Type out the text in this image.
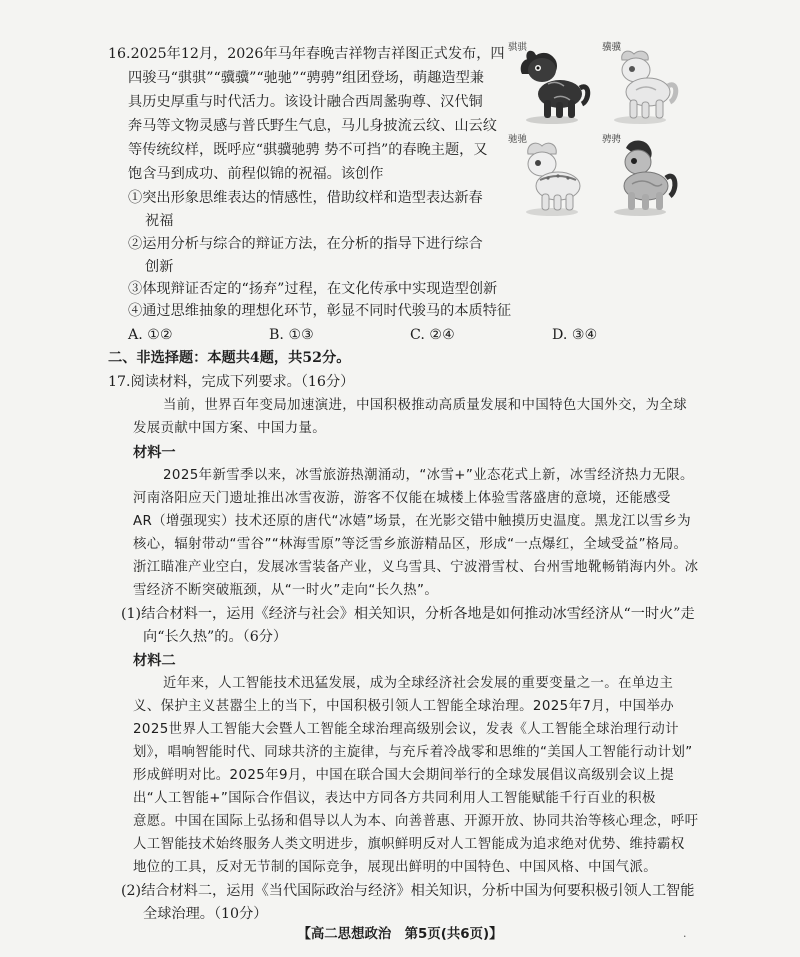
16.2025年12月，2026年马年春晚吉祥物吉祥图正式发布，四
四骏马“骐骐”“骥骥”“驰驰”“骋骋”组团登场，萌趣造型兼
具历史厚重与时代活力。该设计融合西周盠驹尊、汉代铜
奔马等文物灵感与普氏野生气息，马儿身披流云纹、山云纹
等传统纹样，既呼应“骐骥驰骋 势不可挡”的春晚主题，又
饱含马到成功、前程似锦的祝福。该创作
①突出形象思维表达的情感性，借助纹样和造型表达新春
祝福
②运用分析与综合的辩证方法，在分析的指导下进行综合
创新
③体现辩证否定的“扬弃”过程，在文化传承中实现造型创新
④通过思维抽象的理想化环节，彰显不同时代骏马的本质特征
A. ①②	B. ①③	C. ②④	D. ③④
骐骐	骥骥
驰驰	骋骋
二、非选择题：本题共4题，共52分。
17.阅读材料，完成下列要求。（16分）
当前，世界百年变局加速演进，中国积极推动高质量发展和中国特色大国外交，为全球
发展贡献中国方案、中国力量。
材料一
2025年新雪季以来，冰雪旅游热潮涌动，“冰雪+”业态花式上新，冰雪经济热力无限。
河南洛阳应天门遗址推出冰雪夜游，游客不仅能在城楼上体验雪落盛唐的意境，还能感受
AR（增强现实）技术还原的唐代“冰嬉”场景，在光影交错中触摸历史温度。黑龙江以雪乡为
核心，辐射带动“雪谷”“林海雪原”等泛雪乡旅游精品区，形成“一点爆红，全域受益”格局。
浙江瞄准产业空白，发展冰雪装备产业，义乌雪具、宁波滑雪杖、台州雪地靴畅销海内外。冰
雪经济不断突破瓶颈，从“一时火”走向“长久热”。
(1)结合材料一，运用《经济与社会》相关知识，分析各地是如何推动冰雪经济从“一时火”走
向“长久热”的。（6分）
材料二
近年来，人工智能技术迅猛发展，成为全球经济社会发展的重要变量之一。在单边主
义、保护主义甚嚣尘上的当下，中国积极引领人工智能全球治理。2025年7月，中国举办
2025世界人工智能大会暨人工智能全球治理高级别会议，发表《人工智能全球治理行动计
划》，唱响智能时代、同球共济的主旋律，与充斥着冷战零和思维的“美国人工智能行动计划”
形成鲜明对比。2025年9月，中国在联合国大会期间举行的全球发展倡议高级别会议上提
出“人工智能+”国际合作倡议，表达中方同各方共同利用人工智能赋能千行百业的积极
意愿。中国在国际上弘扬和倡导以人为本、向善普惠、开源开放、协同共治等核心理念，呼吁
人工智能技术始终服务人类文明进步，旗帜鲜明反对人工智能成为追求绝对优势、维持霸权
地位的工具，反对无节制的国际竞争，展现出鲜明的中国特色、中国风格、中国气派。
(2)结合材料二，运用《当代国际政治与经济》相关知识，分析中国为何要积极引领人工智能
全球治理。（10分）
【高二思想政治　第5页(共6页)】	·
